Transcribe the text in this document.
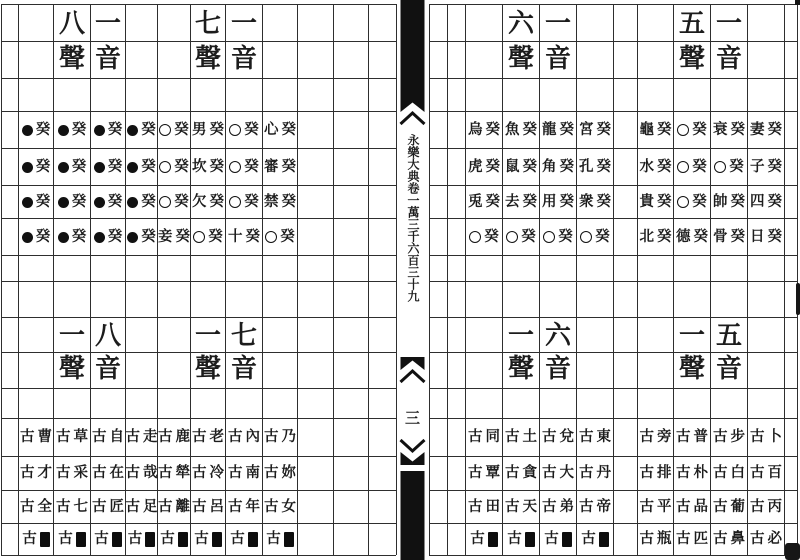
永樂大典卷一萬三千六百三十九
三
八
聲
一
音
癸 癸 癸 癸
癸 癸 癸 癸
癸 癸 癸 癸
癸 癸 癸 癸
七
聲
一
音
癸 男 癸 癸 心 癸
癸 坎 癸 癸 審 癸
癸 欠 癸 癸 禁 癸
妾 癸 癸 十 癸 癸
六
聲
一
音
烏 癸 魚 癸 龍 癸 宮 癸
虎 癸 鼠 癸 角 癸 孔 癸
兎 癸 去 癸 用 癸 衆 癸
癸 癸 癸 癸
五
聲
一
音
龜 癸 癸 衰 癸 妻 癸
水 癸 癸 癸 子 癸
貴 癸 癸 帥 癸 四 癸
北 癸 德 癸 骨 癸 日 癸
一
聲
八
音
古 曹 古 草 古 自 古 走
古 才 古 采 古 在 古 哉
古 全 古 七 古 匠 古 足
古 古 古 古
一
聲
七
音
古 鹿 古 老 古 內 古 乃
古 犖 古 冷 古 南 古 妳
古 離 古 呂 古 年 古 女
古 古 古 古
一
聲
六
音
古 同 古 土 古 兌 古 東
古 覃 古 貪 古 大 古 丹
古 田 古 天 古 弟 古 帝
古 古 古 古
一
聲
五
音
古 旁 古 普 古 步 古 卜
古 排 古 朴 古 白 古 百
古 平 古 品 古 葡 古 丙
古 瓶 古 匹 古 鼻 古 必
